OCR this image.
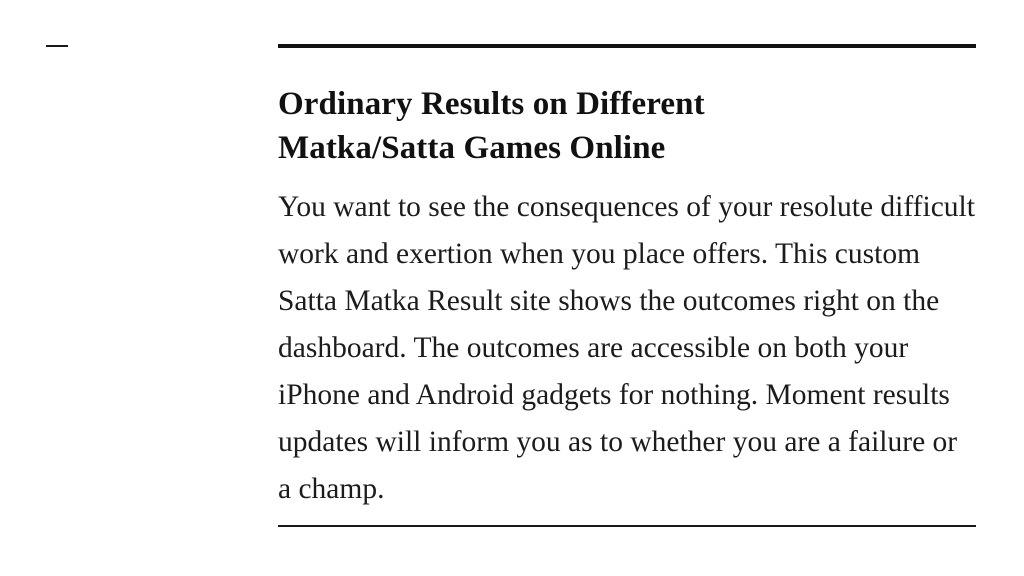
Ordinary Results on Different Matka/Satta Games Online

You want to see the consequences of your resolute difficult work and exertion when you place offers. This custom Satta Matka Result site shows the outcomes right on the dashboard. The outcomes are accessible on both your iPhone and Android gadgets for nothing. Moment results updates will inform you as to whether you are a failure or a champ.
